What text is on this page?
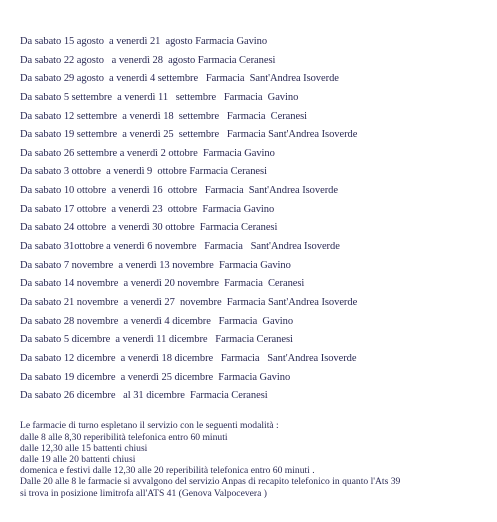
Da sabato 15 agosto  a venerdì 21  agosto Farmacia Gavino
Da sabato 22 agosto   a venerdì 28  agosto Farmacia Ceranesi
Da sabato 29 agosto  a venerdì 4 settembre Farmacia  Sant'Andrea Isoverde
Da sabato 5 settembre  a venerdì 11   settembre Farmacia  Gavino
Da sabato 12 settembre  a venerdì 18  settembre Farmacia  Ceranesi
Da sabato 19 settembre  a venerdì 25  settembre Farmacia Sant'Andrea Isoverde
Da sabato 26 settembre a venerdì 2 ottobre Farmacia Gavino
Da sabato 3 ottobre  a venerdì 9  ottobre Farmacia Ceranesi
Da sabato 10 ottobre  a venerdì 16  ottobre Farmacia  Sant'Andrea Isoverde
Da sabato 17 ottobre  a venerdì 23  ottobre Farmacia Gavino
Da sabato 24 ottobre  a venerdì 30 ottobre Farmacia Ceranesi
Da sabato 31ottobre a venerdì 6 novembre Farmacia   Sant'Andrea Isoverde
Da sabato 7 novembre  a venerdì 13 novembre Farmacia Gavino
Da sabato 14 novembre  a venerdì 20 novembre Farmacia  Ceranesi
Da sabato 21 novembre  a venerdì 27  novembre Farmacia Sant'Andrea Isoverde
Da sabato 28 novembre  a venerdì 4 dicembre Farmacia  Gavino
Da sabato 5 dicembre  a venerdì 11 dicembre Farmacia Ceranesi
Da sabato 12 dicembre  a venerdì 18 dicembre Farmacia   Sant'Andrea Isoverde
Da sabato 19 dicembre  a venerdì 25 dicembre Farmacia Gavino
Da sabato 26 dicembre   al 31 dicembre Farmacia Ceranesi
Le farmacie di turno espletano il servizio con le seguenti modalità :
dalle 8 alle 8,30 reperibilità telefonica entro 60 minuti
dalle 12,30 alle 15 battenti chiusi
dalle 19 alle 20 battenti chiusi
domenica e festivi dalle 12,30 alle 20 reperibilità telefonica entro 60 minuti .
Dalle 20 alle 8 le farmacie si avvalgono del servizio Anpas di recapito telefonico in quanto l'Ats 39
si trova in posizione limitrofa all'ATS 41 (Genova Valpocevera )
